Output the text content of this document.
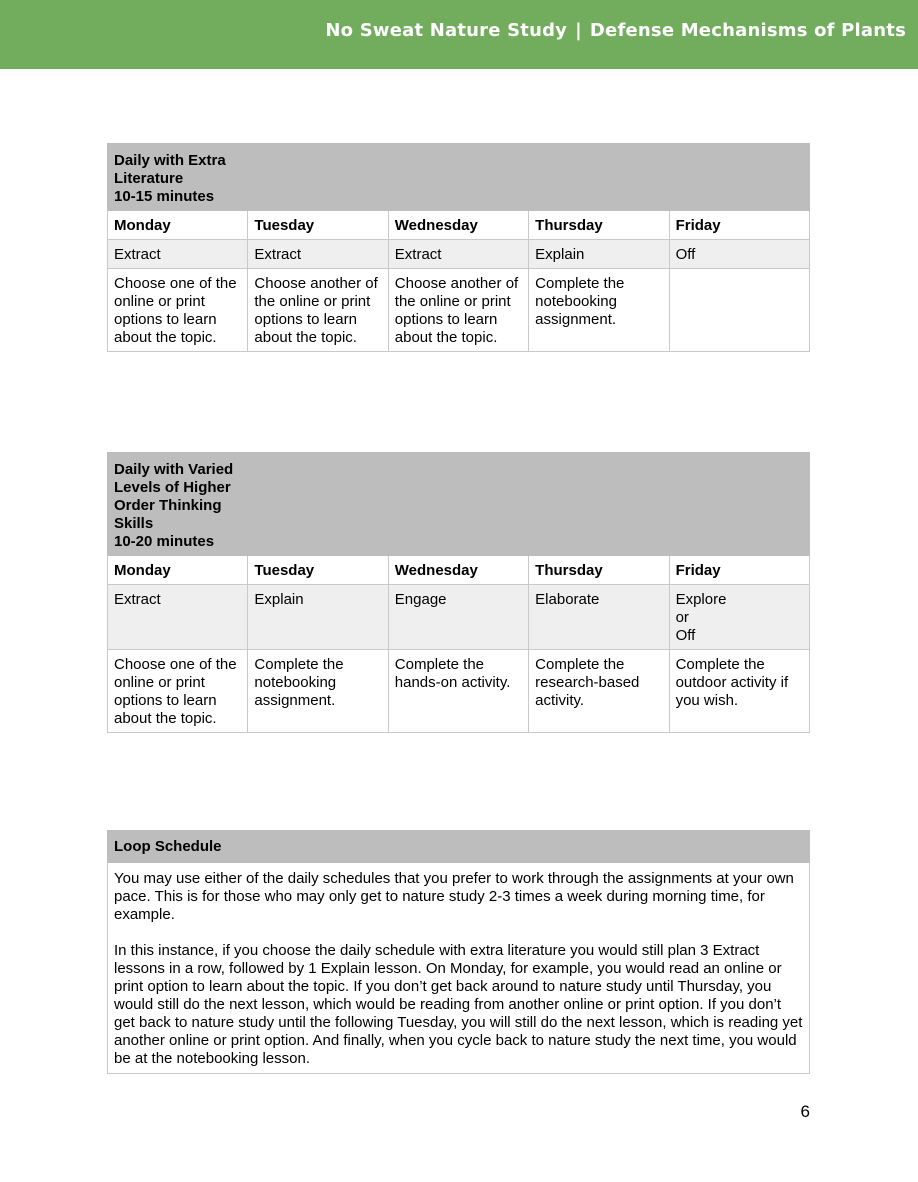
No Sweat Nature Study | Defense Mechanisms of Plants
Daily with Extra
Literature
10-15 minutes				

Monday	Tuesday	Wednesday	Thursday	Friday
Extract	Extract	Extract	Explain	Off
Choose one of the online or print options to learn about the topic.	Choose another of the online or print options to learn about the topic.	Choose another of the online or print options to learn about the topic.	Complete the notebooking assignment.	
Daily with Varied
Levels of Higher
Order Thinking
Skills
10-20 minutes				

Monday	Tuesday	Wednesday	Thursday	Friday
Extract	Explain	Engage	Elaborate	Explore
or
Off

Choose one of the online or print options to learn about the topic.	Complete the notebooking assignment.	Complete the hands-on activity.	Complete the research-based activity.	Complete the outdoor activity if you wish.
Loop Schedule

You may use either of the daily schedules that you prefer to work through the assignments at your own pace. This is for those who may only get to nature study 2-3 times a week during morning time, for example.

In this instance, if you choose the daily schedule with extra literature you would still plan 3 Extract lessons in a row, followed by 1 Explain lesson. On Monday, for example, you would read an online or print option to learn about the topic. If you don’t get back around to nature study until Thursday, you would still do the next lesson, which would be reading from another online or print option. If you don’t get back to nature study until the following Tuesday, you will still do the next lesson, which is reading yet another online or print option. And finally, when you cycle back to nature study the next time, you would be at the notebooking lesson.

6
